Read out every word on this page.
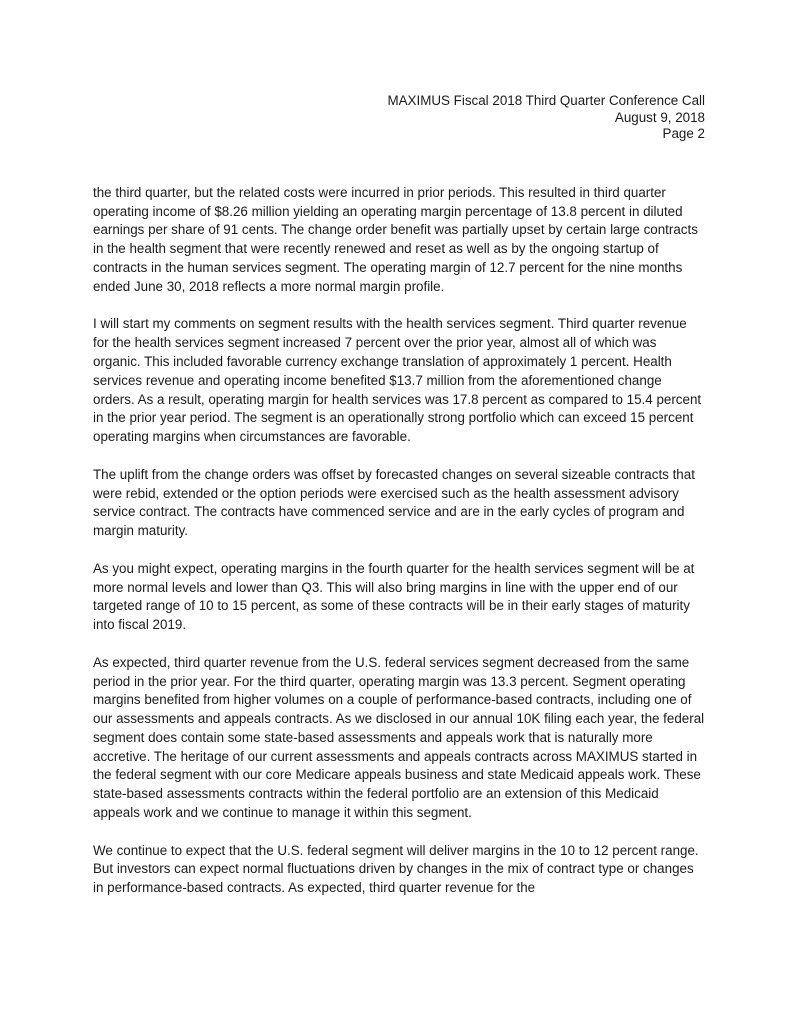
MAXIMUS Fiscal 2018 Third Quarter Conference Call
August 9, 2018
Page 2

the third quarter, but the related costs were incurred in prior periods. This resulted in third quarter operating income of $8.26 million yielding an operating margin percentage of 13.8 percent in diluted earnings per share of 91 cents. The change order benefit was partially upset by certain large contracts in the health segment that were recently renewed and reset as well as by the ongoing startup of contracts in the human services segment. The operating margin of 12.7 percent for the nine months ended June 30, 2018 reflects a more normal margin profile.

I will start my comments on segment results with the health services segment. Third quarter revenue for the health services segment increased 7 percent over the prior year, almost all of which was organic. This included favorable currency exchange translation of approximately 1 percent. Health services revenue and operating income benefited $13.7 million from the aforementioned change orders. As a result, operating margin for health services was 17.8 percent as compared to 15.4 percent in the prior year period. The segment is an operationally strong portfolio which can exceed 15 percent operating margins when circumstances are favorable.

The uplift from the change orders was offset by forecasted changes on several sizeable contracts that were rebid, extended or the option periods were exercised such as the health assessment advisory service contract. The contracts have commenced service and are in the early cycles of program and margin maturity.

As you might expect, operating margins in the fourth quarter for the health services segment will be at more normal levels and lower than Q3. This will also bring margins in line with the upper end of our targeted range of 10 to 15 percent, as some of these contracts will be in their early stages of maturity into fiscal 2019.

As expected, third quarter revenue from the U.S. federal services segment decreased from the same period in the prior year. For the third quarter, operating margin was 13.3 percent. Segment operating margins benefited from higher volumes on a couple of performance-based contracts, including one of our assessments and appeals contracts. As we disclosed in our annual 10K filing each year, the federal segment does contain some state-based assessments and appeals work that is naturally more accretive. The heritage of our current assessments and appeals contracts across MAXIMUS started in the federal segment with our core Medicare appeals business and state Medicaid appeals work. These state-based assessments contracts within the federal portfolio are an extension of this Medicaid appeals work and we continue to manage it within this segment.

We continue to expect that the U.S. federal segment will deliver margins in the 10 to 12 percent range. But investors can expect normal fluctuations driven by changes in the mix of contract type or changes in performance-based contracts. As expected, third quarter revenue for the
